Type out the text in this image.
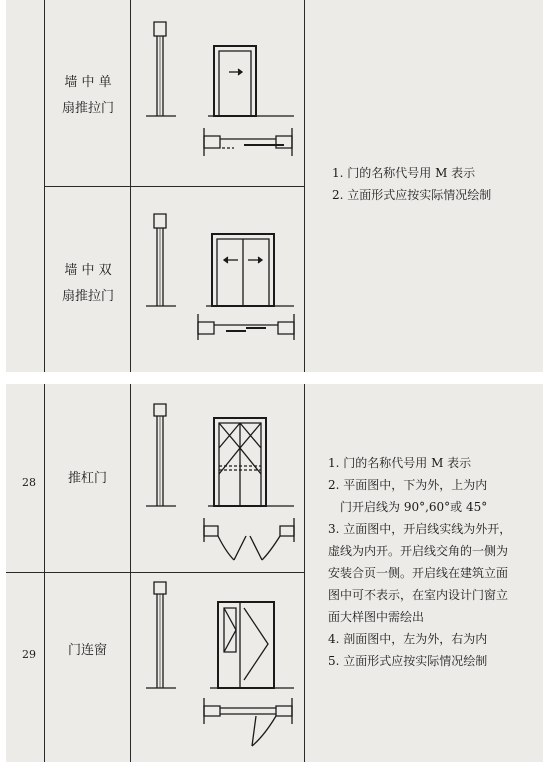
墙 中 单
扇推拉门
墙 中 双
扇推拉门
1. 门的名称代号用 M 表示
2. 立面形式应按实际情况绘制
28 推杠门
29 门连窗
1. 门的名称代号用 M 表示
2. 平面图中，下为外，上为内
门开启线为 90°,60°或 45°
3. 立面图中，开启线实线为外开，
虚线为内开。开启线交角的一侧为
安装合页一侧。开启线在建筑立面
图中可不表示，在室内设计门窗立
面大样图中需绘出
4. 剖面图中，左为外，右为内
5. 立面形式应按实际情况绘制
